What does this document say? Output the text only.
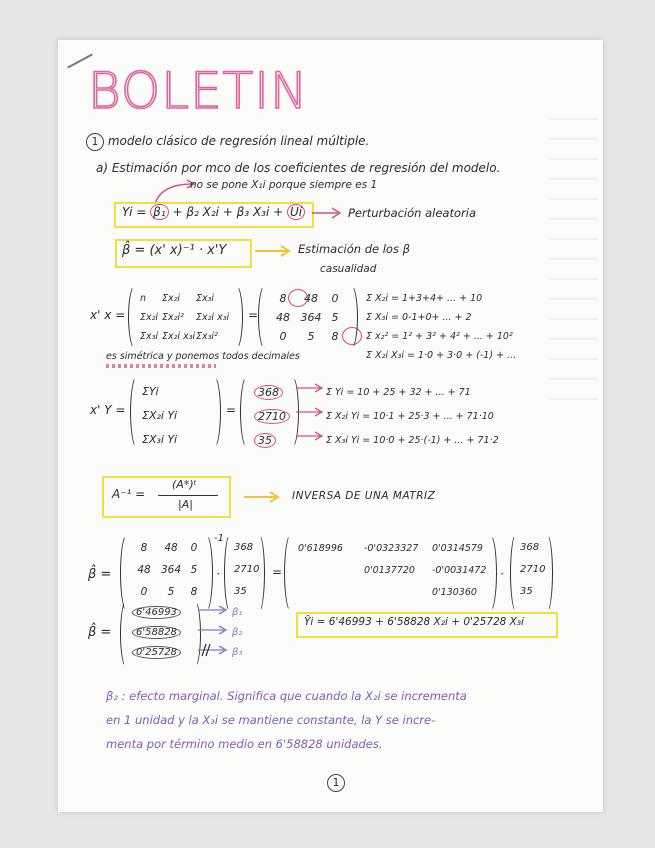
BOLETIN
1 modelo clásico de regresión lineal múltiple.
a) Estimación por mco de los coeficientes de regresión del modelo.
no se pone X₁i porque siempre es 1
Yi = β₁ + β₂ X₂i + β₃ X₃i + Ui	Perturbación aleatoria
β̂ = (x' x)⁻¹ · x'Y	Estimación de los β
casualidad
x' x =
n Σx₂i Σx₃i
Σx₂i Σx₂i² Σx₂i x₃i
Σx₃i Σx₂i x₃iΣx₃i²
=
8 48 0
48 364 5
0 5 8
Σ X₂i = 1+3+4+ ... + 10
Σ X₃i = 0-1+0+ ... + 2
Σ x₂² = 1² + 3² + 4² + ... + 10²
Σ X₂i X₃i = 1·0 + 3·0 + (-1) + ...
es simétrica y ponemos todos decimales
x' Y =
ΣYi
ΣX₂i Yi
ΣX₃i Yi
=
368
2710
35
Σ Yi = 10 + 25 + 32 + ... + 71
Σ X₂i Yi = 10·1 + 25·3 + ... + 71·10
Σ X₃i Yi = 10·0 + 25·(-1) + ... + 71·2
A⁻¹ =
(A*)ᵗ
|A|
INVERSA DE UNA MATRIZ
β̂ =
8 48 0
48 364 5
0 5 8
-1
·
368
2710
35
=
0'618996 -0'0323327 0'0314579
0'0137720 -0'0031472
0'130360
·
368
2710
35
β̂ =
6'46993
6'58828
0'25728
β₁
β₂
β₃
Ŷi = 6'46993 + 6'58828 X₂i + 0'25728 X₃i
β₂ : efecto marginal. Significa que cuando la X₂i se incrementa
en 1 unidad y la X₃i se mantiene constante, la Y se incre-
menta por término medio en 6'58828 unidades.
1
